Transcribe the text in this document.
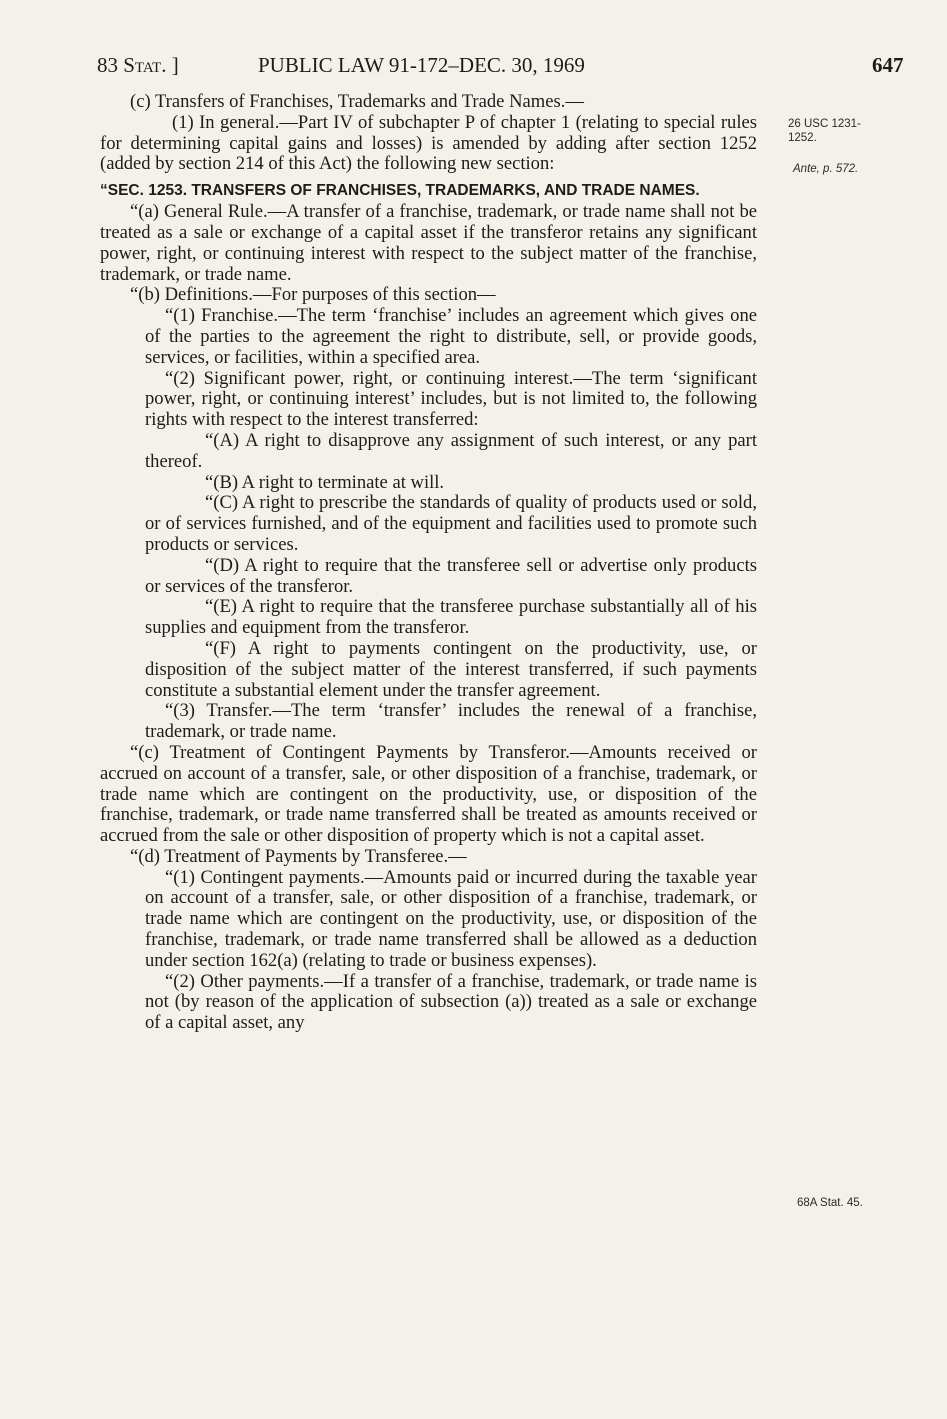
83 Stat. ]	PUBLIC LAW 91-172–DEC. 30, 1969	647
26 USC 1231-
1252.
Ante, p. 572.
68A Stat. 45.

(c) Transfers of Franchises, Trademarks and Trade Names.—

(1) In general.—Part IV of subchapter P of chapter 1 (relating to special rules for determining capital gains and losses) is amended by adding after section 1252 (added by section 214 of this Act) the following new section:

“SEC. 1253. TRANSFERS OF FRANCHISES, TRADEMARKS, AND TRADE NAMES.

“(a) General Rule.—A transfer of a franchise, trademark, or trade name shall not be treated as a sale or exchange of a capital asset if the transferor retains any significant power, right, or continuing interest with respect to the subject matter of the franchise, trademark, or trade name.

“(b) Definitions.—For purposes of this section—

“(1) Franchise.—The term ‘franchise’ includes an agreement which gives one of the parties to the agreement the right to distribute, sell, or provide goods, services, or facilities, within a specified area.

“(2) Significant power, right, or continuing interest.—The term ‘significant power, right, or continuing interest’ includes, but is not limited to, the following rights with respect to the interest transferred:

“(A) A right to disapprove any assignment of such interest, or any part thereof.

“(B) A right to terminate at will.

“(C) A right to prescribe the standards of quality of products used or sold, or of services furnished, and of the equipment and facilities used to promote such products or services.

“(D) A right to require that the transferee sell or advertise only products or services of the transferor.

“(E) A right to require that the transferee purchase substantially all of his supplies and equipment from the transferor.

“(F) A right to payments contingent on the productivity, use, or disposition of the subject matter of the interest transferred, if such payments constitute a substantial element under the transfer agreement.

“(3) Transfer.—The term ‘transfer’ includes the renewal of a franchise, trademark, or trade name.

“(c) Treatment of Contingent Payments by Transferor.—Amounts received or accrued on account of a transfer, sale, or other disposition of a franchise, trademark, or trade name which are contingent on the productivity, use, or disposition of the franchise, trademark, or trade name transferred shall be treated as amounts received or accrued from the sale or other disposition of property which is not a capital asset.

“(d) Treatment of Payments by Transferee.—

“(1) Contingent payments.—Amounts paid or incurred during the taxable year on account of a transfer, sale, or other disposition of a franchise, trademark, or trade name which are contingent on the productivity, use, or disposition of the franchise, trademark, or trade name transferred shall be allowed as a deduction under section 162(a) (relating to trade or business expenses).

“(2) Other payments.—If a transfer of a franchise, trademark, or trade name is not (by reason of the application of subsection (a)) treated as a sale or exchange of a capital asset, any
